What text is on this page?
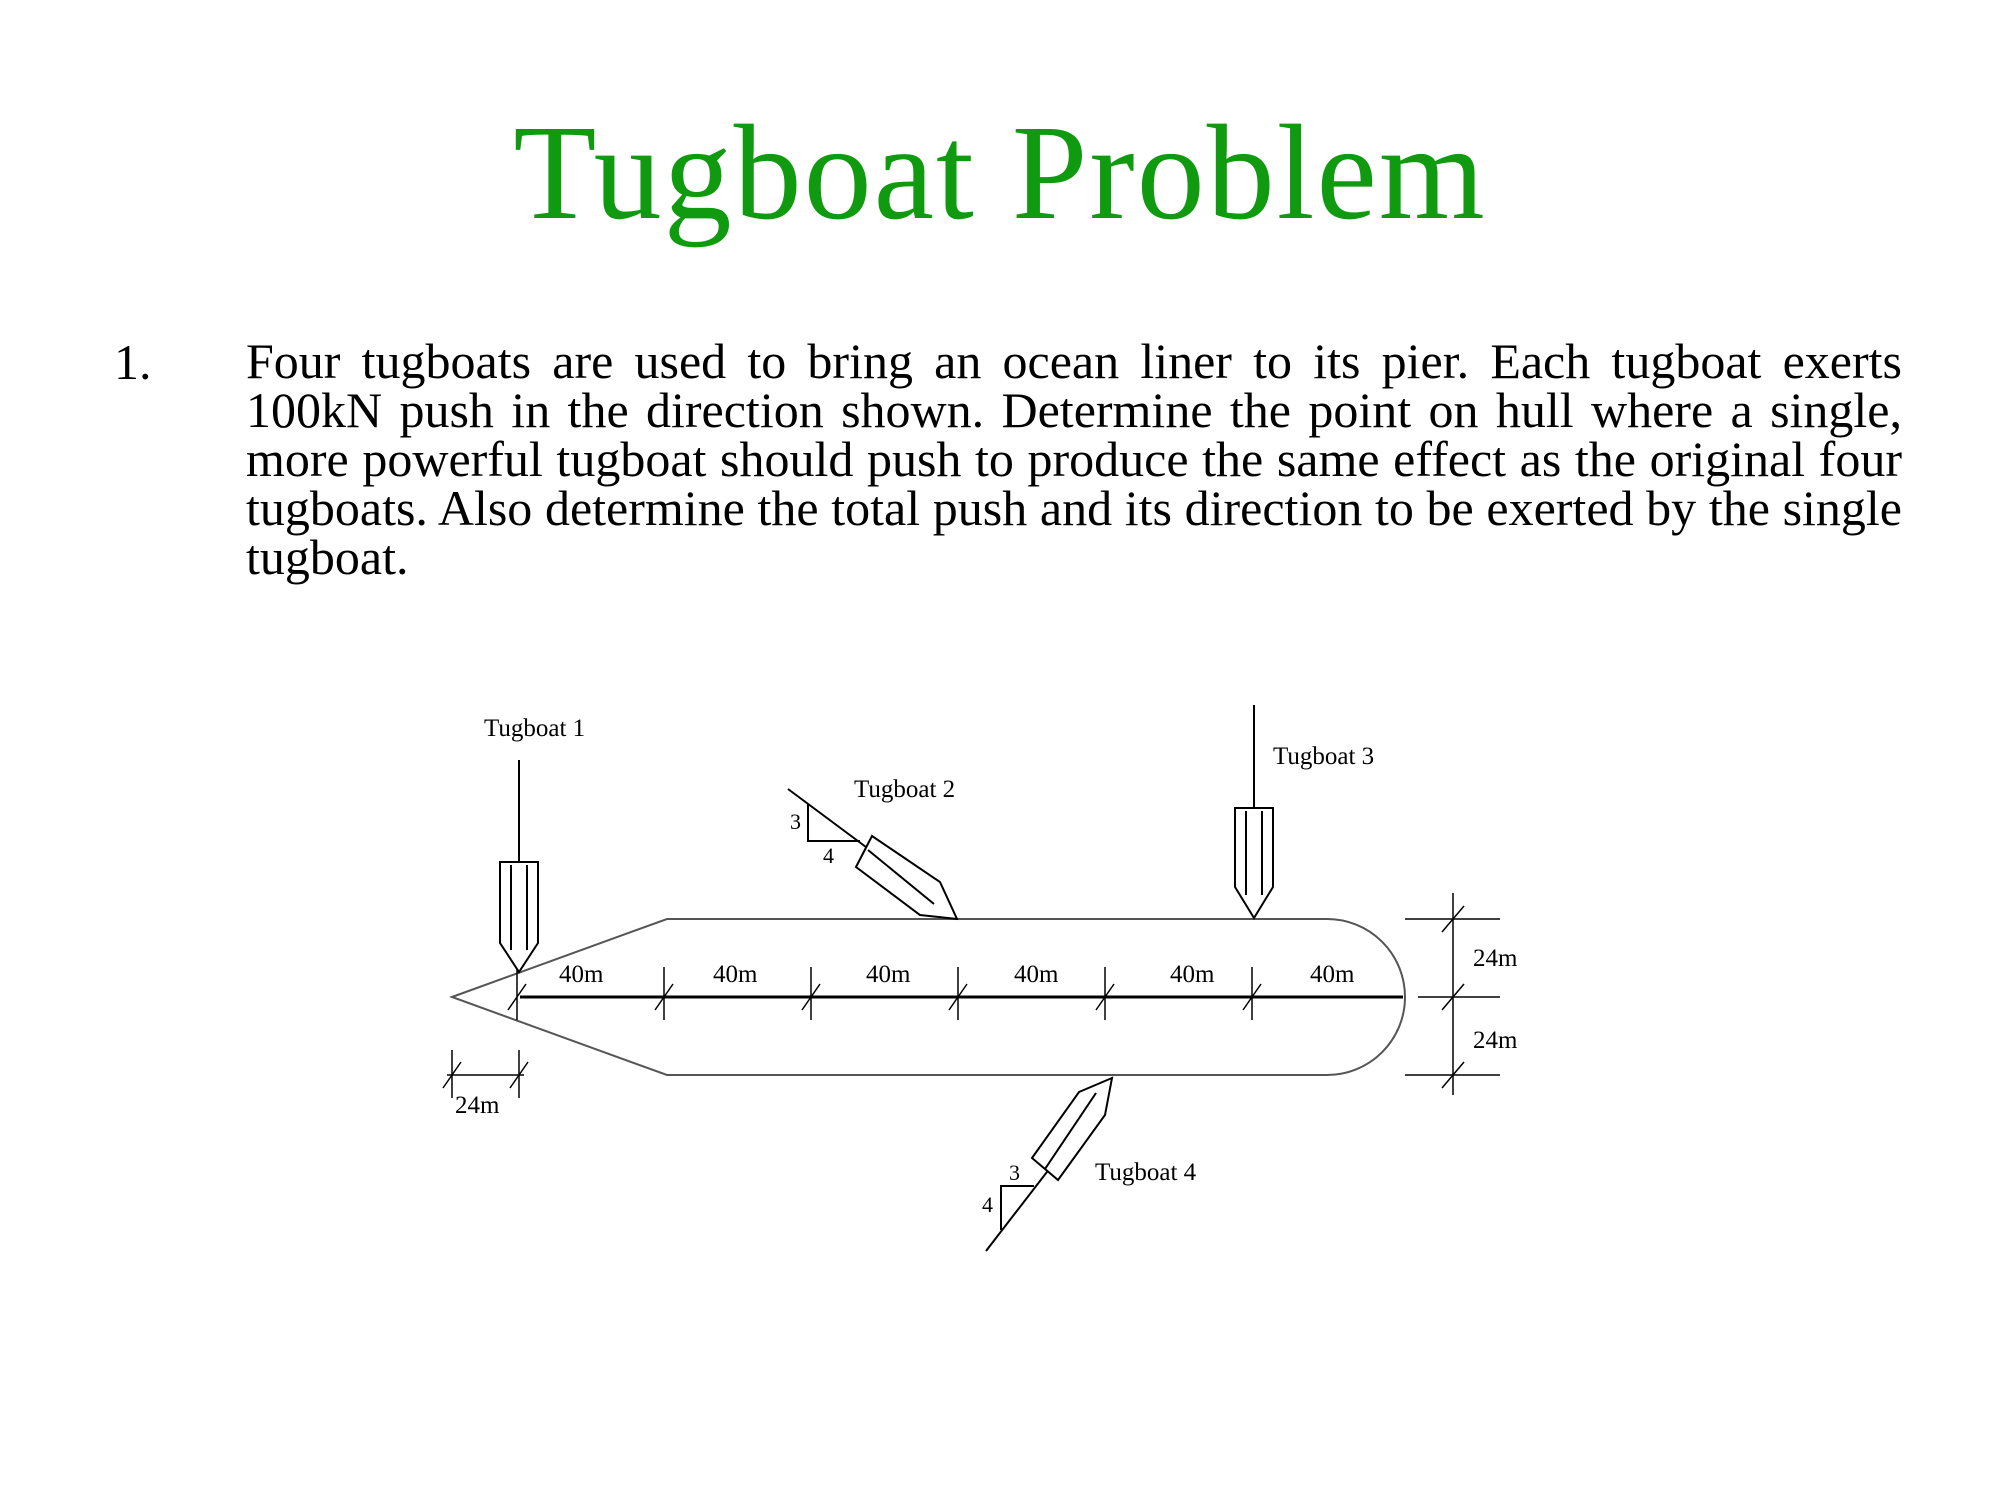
Tugboat Problem
1. Four tugboats are used to bring an ocean liner to its pier. Each tugboat exerts 100kN push in the direction shown. Determine the point on hull where a single, more powerful tugboat should push to produce the same effect as the original four tugboats. Also determine the total push and its direction to be exerted by the single tugboat.
40m	40m	40m	40m	40m	40m
24m
24m
24m
Tugboat 1
3
4
Tugboat 2
Tugboat 3
3
4
Tugboat 4
